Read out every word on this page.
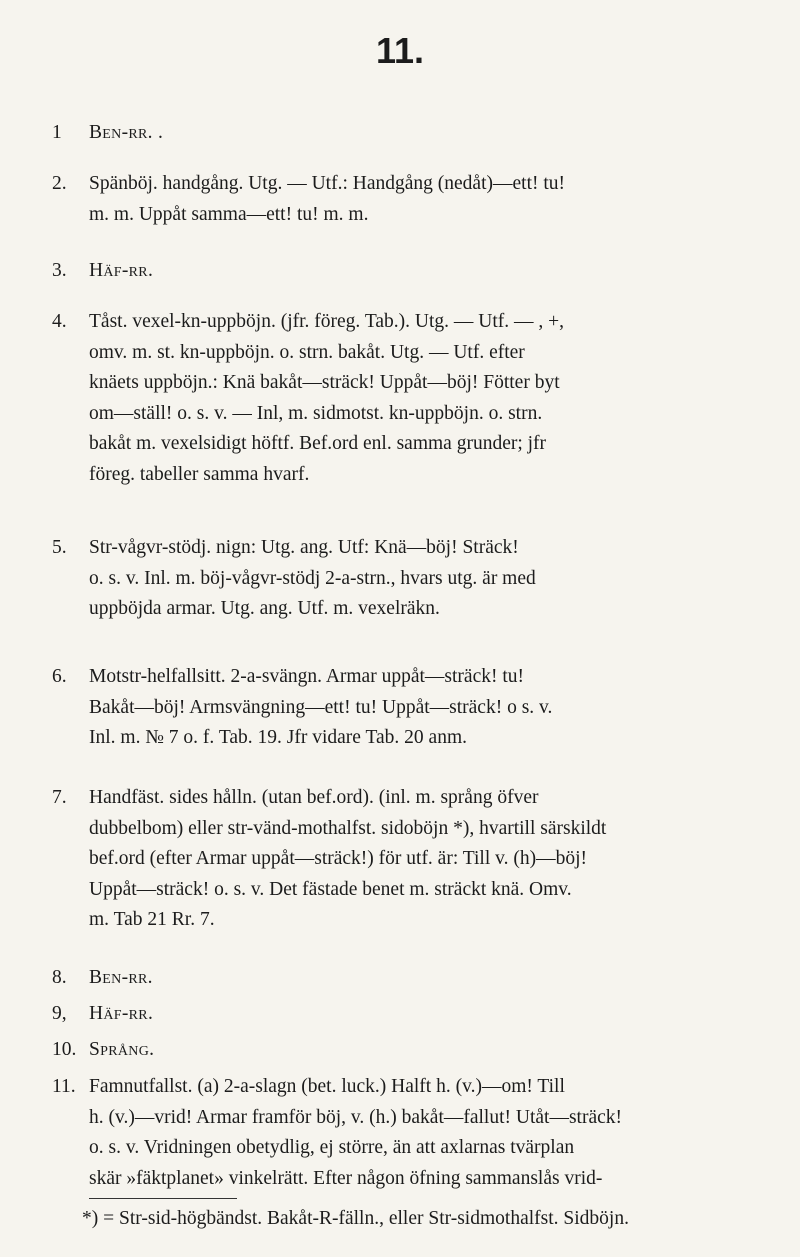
11.
1	Ben-rr. .
2.	Spänböj. handgång. Utg. — Utf.: Handgång (nedåt)—ett! tu!
m. m. Uppåt samma—ett! tu! m. m.
3.	Häf-rr.
4.	Tåst. vexel-kn-uppböjn. (jfr. föreg. Tab.). Utg. — Utf. — , +,
omv. m. st. kn-uppböjn. o. strn. bakåt. Utg. — Utf. efter
knäets uppböjn.: Knä bakåt—sträck! Uppåt—böj! Fötter byt
om—ställ! o. s. v. — Inl, m. sidmotst. kn-uppböjn. o. strn.
bakåt m. vexelsidigt höftf. Bef.ord enl. samma grunder; jfr
föreg. tabeller samma hvarf.
5.	Str-vågvr-stödj. nign: Utg. ang. Utf: Knä—böj! Sträck!
o. s. v. Inl. m. böj-vågvr-stödj 2-a-strn., hvars utg. är med
uppböjda armar. Utg. ang. Utf. m. vexelräkn.
6.	Motstr-helfallsitt. 2-a-svängn. Armar uppåt—sträck! tu!
Bakåt—böj! Armsvängning—ett! tu! Uppåt—sträck! o s. v.
Inl. m. № 7 o. f. Tab. 19. Jfr vidare Tab. 20 anm.
7.	Handfäst. sides hålln. (utan bef.ord). (inl. m. språng öfver
dubbelbom) eller str-vänd-mothalfst. sidoböjn *), hvartill särskildt
bef.ord (efter Armar uppåt—sträck!) för utf. är: Till v. (h)—böj!
Uppåt—sträck! o. s. v. Det fästade benet m. sträckt knä. Omv.
m. Tab 21 Rr. 7.
8.	Ben-rr.
9,	Häf-rr.
10. Språng.
11. Famnutfallst. (a) 2-a-slagn (bet. luck.) Halft h. (v.)—om! Till
h. (v.)—vrid! Armar framför böj, v. (h.) bakåt—fallut! Utåt—sträck!
o. s. v. Vridningen obetydlig, ej större, än att axlarnas tvärplan
skär »fäktplanet» vinkelrätt. Efter någon öfning sammanslås vrid-
*) = Str-sid-högbändst. Bakåt-R-fälln., eller Str-sidmothalfst. Sidböjn.
